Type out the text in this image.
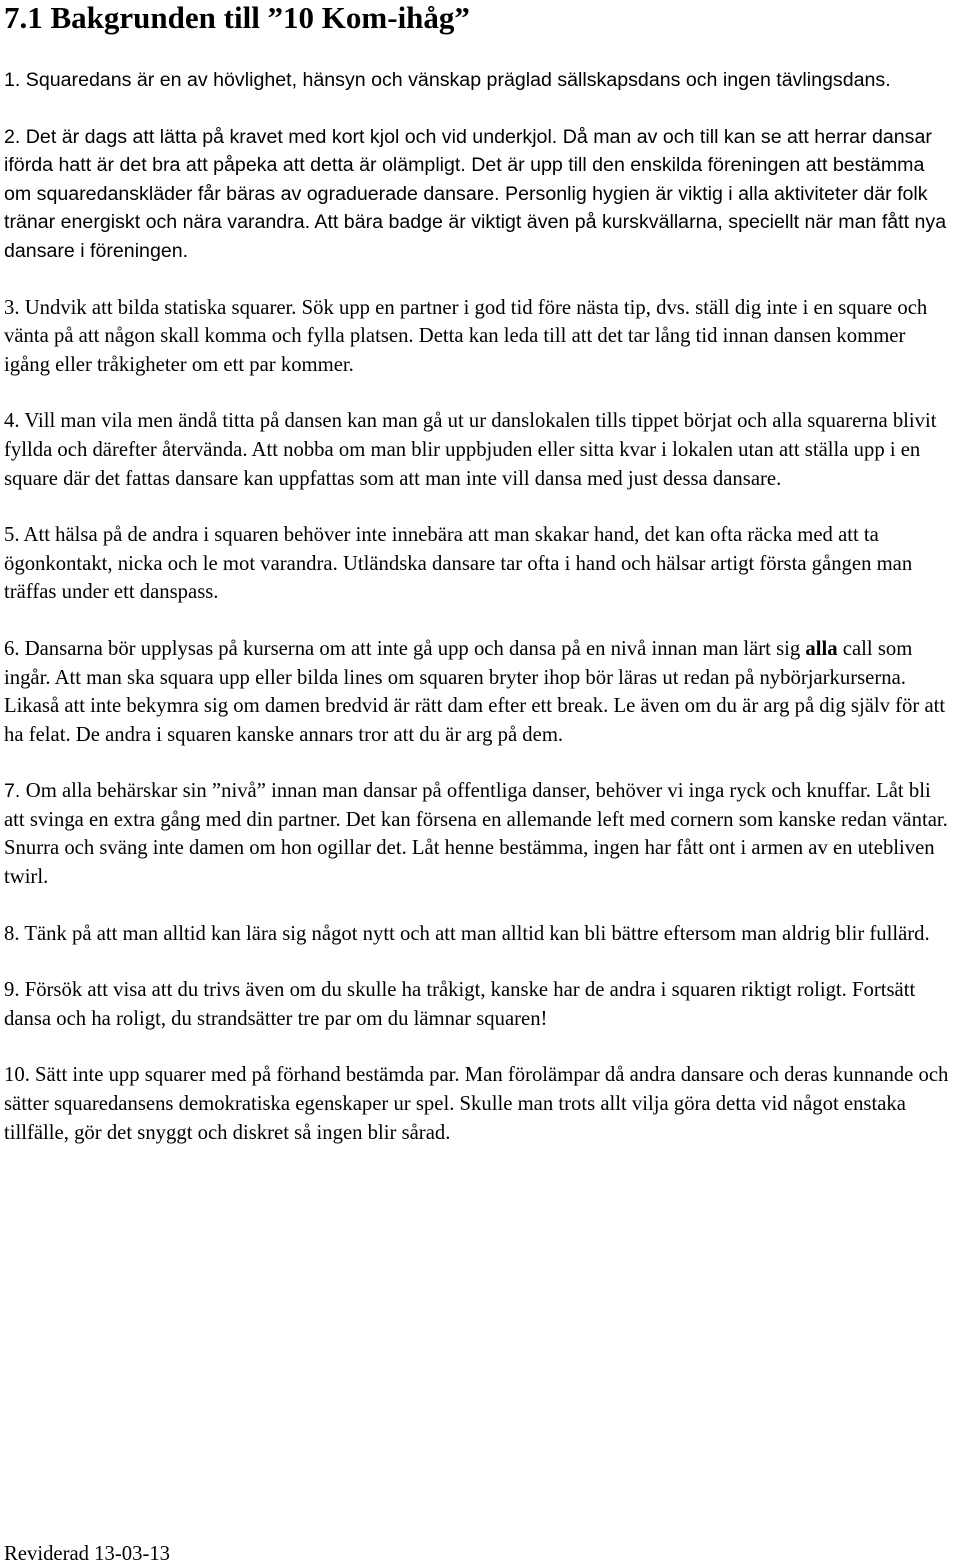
7.1 Bakgrunden till ”10 Kom-ihåg”

1. Squaredans är en av hövlighet, hänsyn och vänskap präglad sällskapsdans och ingen tävlingsdans.

2. Det är dags att lätta på kravet med kort kjol och vid underkjol. Då man av och till kan se att herrar dansar iförda hatt är det bra att påpeka att detta är olämpligt. Det är upp till den enskilda föreningen att bestämma om squaredanskläder får bäras av ograduerade dansare. Personlig hygien är viktig i alla aktiviteter där folk tränar energiskt och nära varandra. Att bära badge är viktigt även på kurskvällarna, speciellt när man fått nya dansare i föreningen.

3. Undvik att bilda statiska squarer. Sök upp en partner i god tid före nästa tip, dvs. ställ dig inte i en square och vänta på att någon skall komma och fylla platsen. Detta kan leda till att det tar lång tid innan dansen kommer igång eller tråkigheter om ett par kommer.

4. Vill man vila men ändå titta på dansen kan man gå ut ur danslokalen tills tippet börjat och alla squarerna blivit fyllda och därefter återvända. Att nobba om man blir uppbjuden eller sitta kvar i lokalen utan att ställa upp i en square där det fattas dansare kan uppfattas som att man inte vill dansa med just dessa dansare.

5. Att hälsa på de andra i squaren behöver inte innebära att man skakar hand, det kan ofta räcka med att ta ögonkontakt, nicka och le mot varandra. Utländska dansare tar ofta i hand och hälsar artigt första gången man träffas under ett danspass.

6. Dansarna bör upplysas på kurserna om att inte gå upp och dansa på en nivå innan man lärt sig alla call som ingår. Att man ska squara upp eller bilda lines om squaren bryter ihop bör läras ut redan på nybörjarkurserna. Likaså att inte bekymra sig om damen bredvid är rätt dam efter ett break. Le även om du är arg på dig själv för att ha felat. De andra i squaren kanske annars tror att du är arg på dem.

7. Om alla behärskar sin ”nivå” innan man dansar på offentliga danser, behöver vi inga ryck och knuffar. Låt bli att svinga en extra gång med din partner. Det kan försena en allemande left med cornern som kanske redan väntar. Snurra och sväng inte damen om hon ogillar det. Låt henne bestämma, ingen har fått ont i armen av en utebliven twirl.

8. Tänk på att man alltid kan lära sig något nytt och att man alltid kan bli bättre eftersom man aldrig blir fullärd.

9. Försök att visa att du trivs även om du skulle ha tråkigt, kanske har de andra i squaren riktigt roligt. Fortsätt dansa och ha roligt, du strandsätter tre par om du lämnar squaren!

10. Sätt inte upp squarer med på förhand bestämda par. Man förolämpar då andra dansare och deras kunnande och sätter squaredansens demokratiska egenskaper ur spel. Skulle man trots allt vilja göra detta vid något enstaka tillfälle, gör det snyggt och diskret så ingen blir sårad.

Reviderad 13-03-13
